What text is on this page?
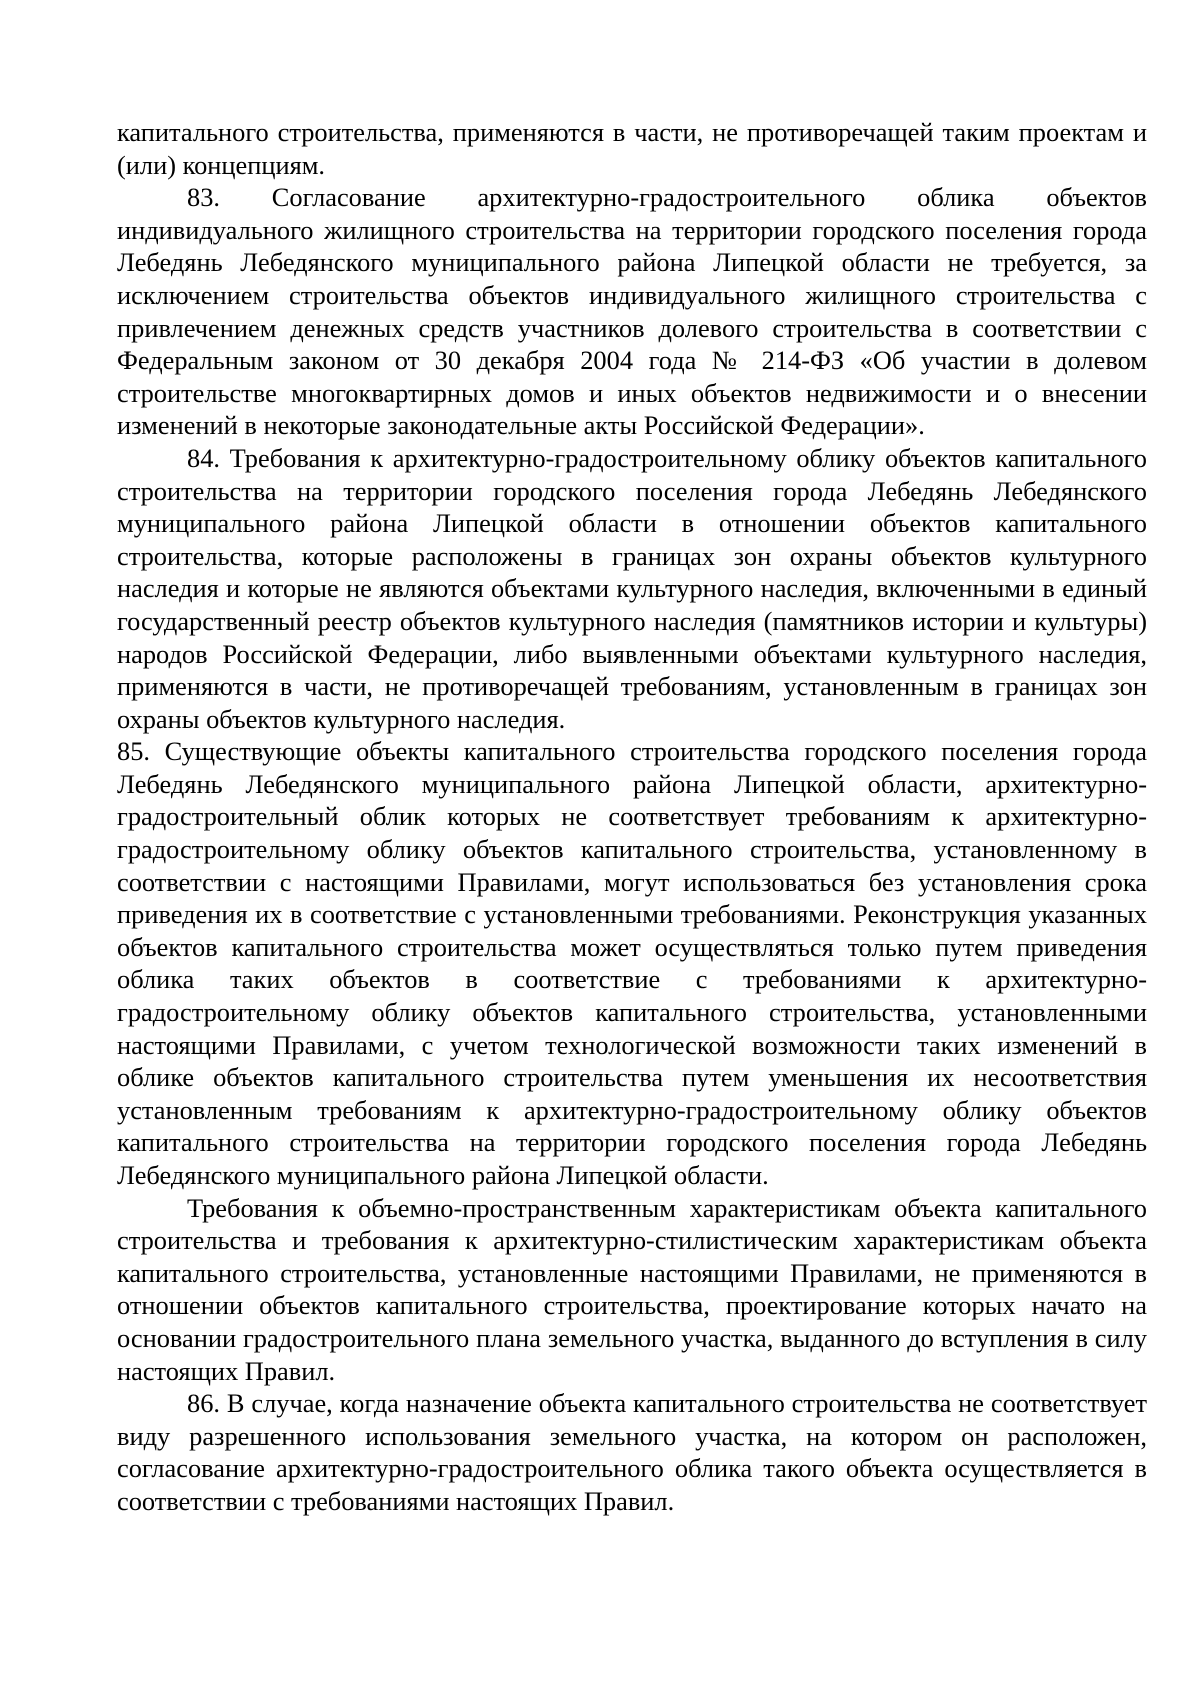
капитального строительства, применяются в части, не противоречащей таким проектам и (или) концепциям.

83. Согласование архитектурно-градостроительного облика объектов индивидуального жилищного строительства на территории городского поселения города Лебедянь Лебедянского муниципального района Липецкой области не требуется, за исключением строительства объектов индивидуального жилищного строительства с привлечением денежных средств участников долевого строительства в соответствии с Федеральным законом от 30 декабря 2004 года № 214-ФЗ «Об участии в долевом строительстве многоквартирных домов и иных объектов недвижимости и о внесении изменений в некоторые законодательные акты Российской Федерации».

84. Требования к архитектурно-градостроительному облику объектов капитального строительства на территории городского поселения города Лебедянь Лебедянского муниципального района Липецкой области в отношении объектов капитального строительства, которые расположены в границах зон охраны объектов культурного наследия и которые не являются объектами культурного наследия, включенными в единый государственный реестр объектов культурного наследия (памятников истории и культуры) народов Российской Федерации, либо выявленными объектами культурного наследия, применяются в части, не противоречащей требованиям, установленным в границах зон охраны объектов культурного наследия.

85. Существующие объекты капитального строительства городского поселения города Лебедянь Лебедянского муниципального района Липецкой области, архитектурно-градостроительный облик которых не соответствует требованиям к архитектурно-градостроительному облику объектов капитального строительства, установленному в соответствии с настоящими Правилами, могут использоваться без установления срока приведения их в соответствие с установленными требованиями. Реконструкция указанных объектов капитального строительства может осуществляться только путем приведения облика таких объектов в соответствие с требованиями к архитектурно-градостроительному облику объектов капитального строительства, установленными настоящими Правилами, с учетом технологической возможности таких изменений в облике объектов капитального строительства путем уменьшения их несоответствия установленным требованиям к архитектурно-градостроительному облику объектов капитального строительства на территории городского поселения города Лебедянь Лебедянского муниципального района Липецкой области.

Требования к объемно-пространственным характеристикам объекта капитального строительства и требования к архитектурно-стилистическим характеристикам объекта капитального строительства, установленные настоящими Правилами, не применяются в отношении объектов капитального строительства, проектирование которых начато на основании градостроительного плана земельного участка, выданного до вступления в силу настоящих Правил.

86. В случае, когда назначение объекта капитального строительства не соответствует виду разрешенного использования земельного участка, на котором он расположен, согласование архитектурно-градостроительного облика такого объекта осуществляется в соответствии с требованиями настоящих Правил.
